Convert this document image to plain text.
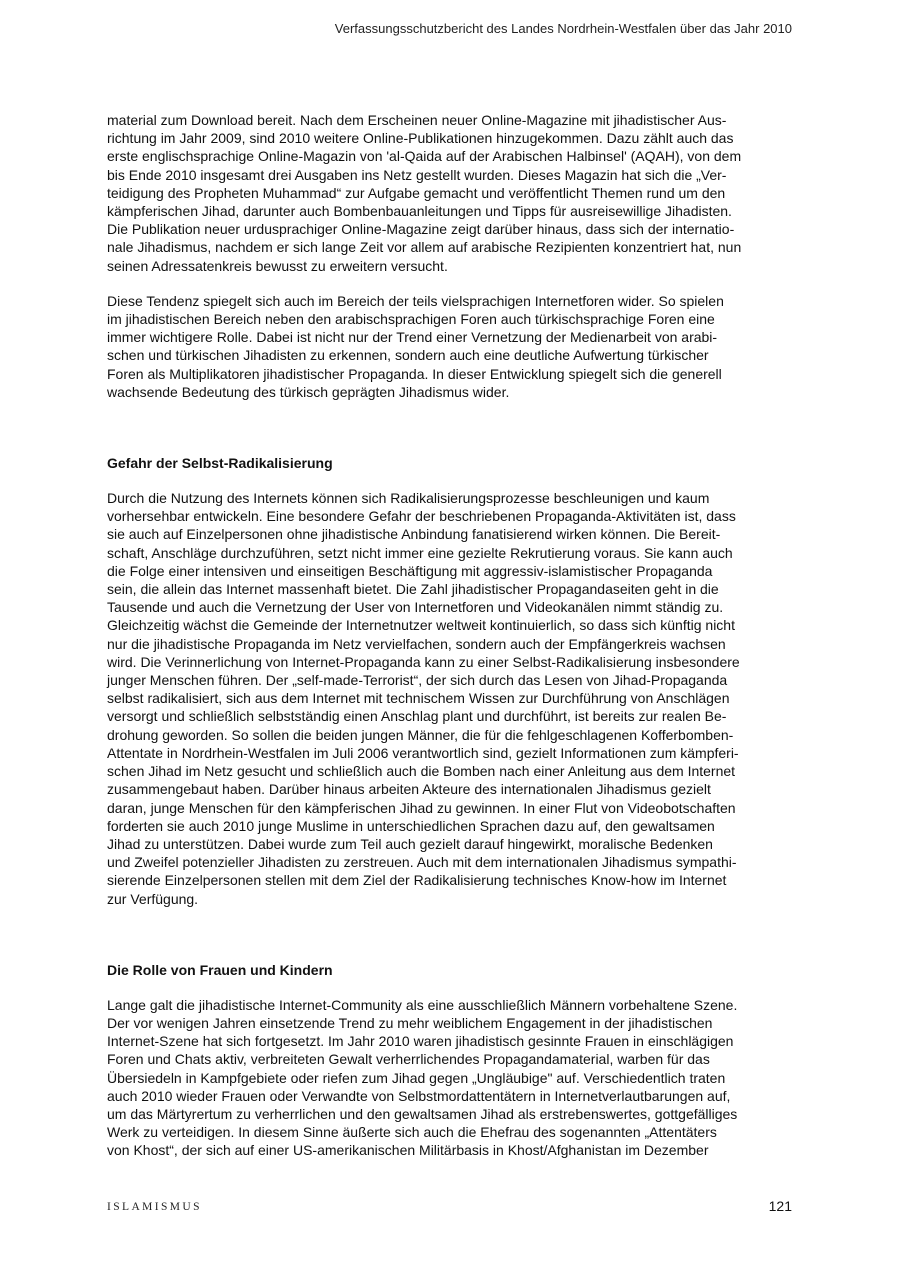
Verfassungsschutzbericht des Landes Nordrhein-Westfalen über das Jahr 2010

material zum Download bereit. Nach dem Erscheinen neuer Online-Magazine mit jihadistischer Aus-
richtung im Jahr 2009, sind 2010 weitere Online-Publikationen hinzugekommen. Dazu zählt auch das
erste englischsprachige Online-Magazin von 'al-Qaida auf der Arabischen Halbinsel' (AQAH), von dem
bis Ende 2010 insgesamt drei Ausgaben ins Netz gestellt wurden. Dieses Magazin hat sich die „Ver-
teidigung des Propheten Muhammad“ zur Aufgabe gemacht und veröffentlicht Themen rund um den
kämpferischen Jihad, darunter auch Bombenbauanleitungen und Tipps für ausreisewillige Jihadisten.
Die Publikation neuer urdusprachiger Online-Magazine zeigt darüber hinaus, dass sich der internatio-
nale Jihadismus, nachdem er sich lange Zeit vor allem auf arabische Rezipienten konzentriert hat, nun
seinen Adressatenkreis bewusst zu erweitern versucht.

Diese Tendenz spiegelt sich auch im Bereich der teils vielsprachigen Internetforen wider. So spielen
im jihadistischen Bereich neben den arabischsprachigen Foren auch türkischsprachige Foren eine
immer wichtigere Rolle. Dabei ist nicht nur der Trend einer Vernetzung der Medienarbeit von arabi-
schen und türkischen Jihadisten zu erkennen, sondern auch eine deutliche Aufwertung türkischer
Foren als Multiplikatoren jihadistischer Propaganda. In dieser Entwicklung spiegelt sich die generell
wachsende Bedeutung des türkisch geprägten Jihadismus wider.

Gefahr der Selbst-Radikalisierung

Durch die Nutzung des Internets können sich Radikalisierungsprozesse beschleunigen und kaum
vorhersehbar entwickeln. Eine besondere Gefahr der beschriebenen Propaganda-Aktivitäten ist, dass
sie auch auf Einzelpersonen ohne jihadistische Anbindung fanatisierend wirken können. Die Bereit-
schaft, Anschläge durchzuführen, setzt nicht immer eine gezielte Rekrutierung voraus. Sie kann auch
die Folge einer intensiven und einseitigen Beschäftigung mit aggressiv-islamistischer Propaganda
sein, die allein das Internet massenhaft bietet. Die Zahl jihadistischer Propagandaseiten geht in die
Tausende und auch die Vernetzung der User von Internetforen und Videokanälen nimmt ständig zu.
Gleichzeitig wächst die Gemeinde der Internetnutzer weltweit kontinuierlich, so dass sich künftig nicht
nur die jihadistische Propaganda im Netz vervielfachen, sondern auch der Empfängerkreis wachsen
wird. Die Verinnerlichung von Internet-Propaganda kann zu einer Selbst-Radikalisierung insbesondere
junger Menschen führen. Der „self-made-Terrorist“, der sich durch das Lesen von Jihad-Propaganda
selbst radikalisiert, sich aus dem Internet mit technischem Wissen zur Durchführung von Anschlägen
versorgt und schließlich selbstständig einen Anschlag plant und durchführt, ist bereits zur realen Be-
drohung geworden. So sollen die beiden jungen Männer, die für die fehlgeschlagenen Kofferbomben-
Attentate in Nordrhein-Westfalen im Juli 2006 verantwortlich sind, gezielt Informationen zum kämpferi-
schen Jihad im Netz gesucht und schließlich auch die Bomben nach einer Anleitung aus dem Internet
zusammengebaut haben. Darüber hinaus arbeiten Akteure des internationalen Jihadismus gezielt
daran, junge Menschen für den kämpferischen Jihad zu gewinnen. In einer Flut von Videobotschaften
forderten sie auch 2010 junge Muslime in unterschiedlichen Sprachen dazu auf, den gewaltsamen
Jihad zu unterstützen. Dabei wurde zum Teil auch gezielt darauf hingewirkt, moralische Bedenken
und Zweifel potenzieller Jihadisten zu zerstreuen. Auch mit dem internationalen Jihadismus sympathi-
sierende Einzelpersonen stellen mit dem Ziel der Radikalisierung technisches Know-how im Internet
zur Verfügung.

Die Rolle von Frauen und Kindern

Lange galt die jihadistische Internet-Community als eine ausschließlich Männern vorbehaltene Szene.
Der vor wenigen Jahren einsetzende Trend zu mehr weiblichem Engagement in der jihadistischen
Internet-Szene hat sich fortgesetzt. Im Jahr 2010 waren jihadistisch gesinnte Frauen in einschlägigen
Foren und Chats aktiv, verbreiteten Gewalt verherrlichendes Propagandamaterial, warben für das
Übersiedeln in Kampfgebiete oder riefen zum Jihad gegen „Ungläubige" auf. Verschiedentlich traten
auch 2010 wieder Frauen oder Verwandte von Selbstmordattentätern in Internetverlautbarungen auf,
um das Märtyrertum zu verherrlichen und den gewaltsamen Jihad als erstrebenswertes, gottgefälliges
Werk zu verteidigen. In diesem Sinne äußerte sich auch die Ehefrau des sogenannten „Attentäters
von Khost“, der sich auf einer US-amerikanischen Militärbasis in Khost/Afghanistan im Dezember

ISLAMISMUS	121
